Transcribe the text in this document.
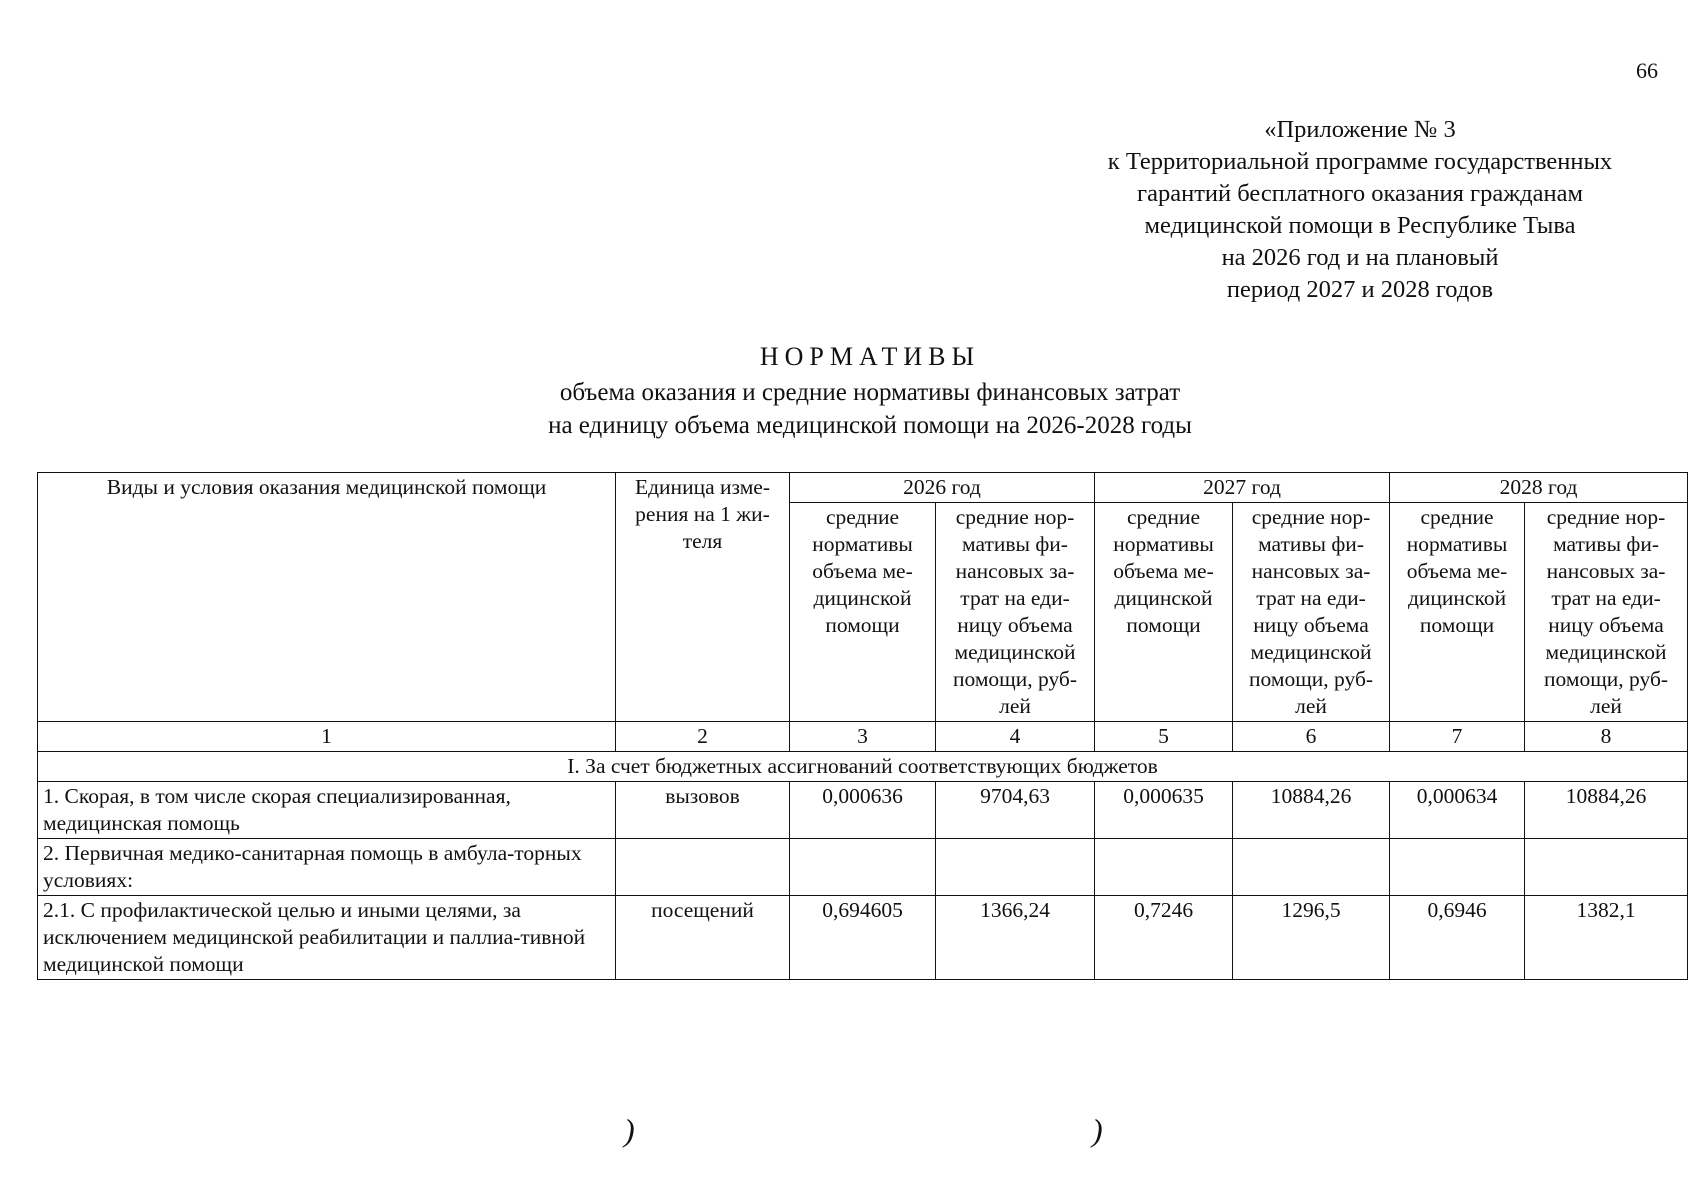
66
«Приложение № 3
к Территориальной программе государственных
гарантий бесплатного оказания гражданам
медицинской помощи в Республике Тыва
на 2026 год и на плановый
период 2027 и 2028 годов
НОРМАТИВЫ
объема оказания и средние нормативы финансовых затрат
на единицу объема медицинской помощи на 2026-2028 годы
Виды и условия оказания медицинской помощи	Единица изме-рения на 1 жи-теля	2026 год		2027 год		2028 год	
		средние нормативы объема ме-дицинской помощи	средние нор-мативы фи-нансовых за-трат на еди-ницу объема медицинской помощи, руб-лей	средние нормативы объема ме-дицинской помощи	средние нор-мативы фи-нансовых за-трат на еди-ницу объема медицинской помощи, руб-лей	средние нормативы объема ме-дицинской помощи	средние нор-мативы фи-нансовых за-трат на еди-ницу объема медицинской помощи, руб-лей
1	2	3	4	5	6	7	8
I. За счет бюджетных ассигнований соответствующих бюджетов							
1. Скорая, в том числе скорая специализированная, медицинская помощь	вызовов	0,000636	9704,63	0,000635	10884,26	0,000634	10884,26
2. Первичная медико-санитарная помощь в амбула-торных условиях:							
2.1. С профилактической целью и иными целями, за исключением медицинской реабилитации и паллиа-тивной медицинской помощи	посещений	0,694605	1366,24	0,7246	1296,5	0,6946	1382,1
)	)
